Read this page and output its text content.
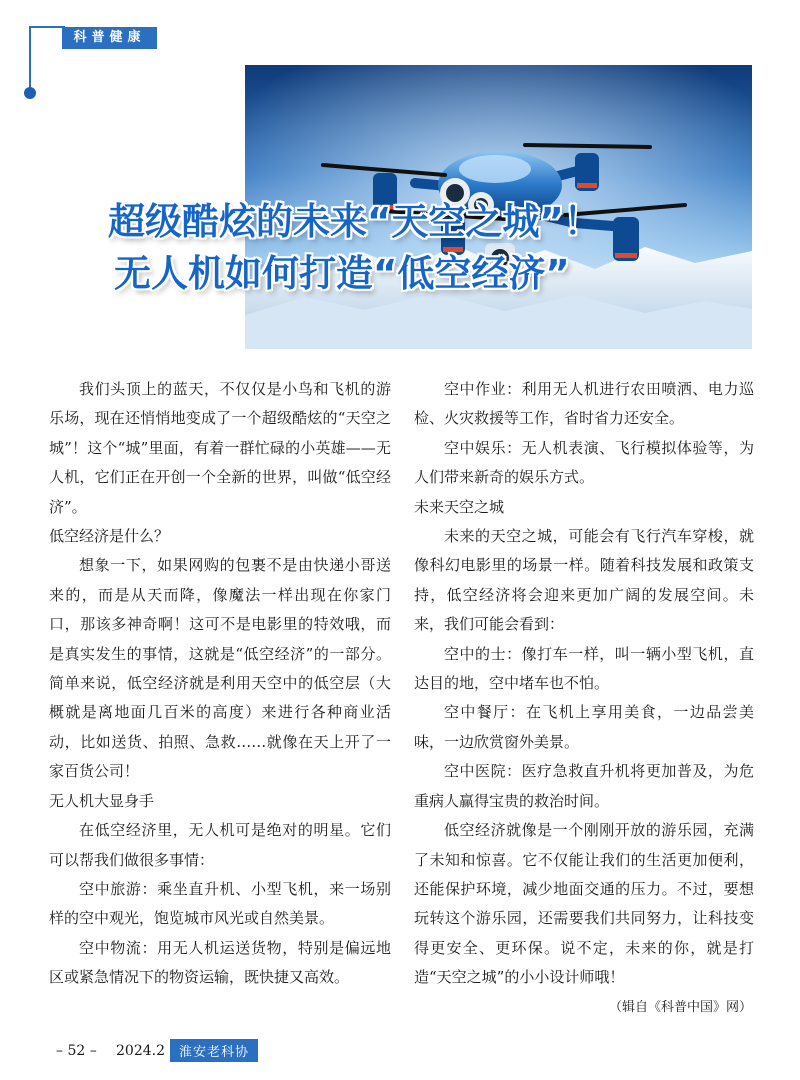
科普健康
超级酷炫的未来“天空之城”！
无人机如何打造“低空经济”

我们头顶上的蓝天，不仅仅是小鸟和飞机的游乐场，现在还悄悄地变成了一个超级酷炫的“天空之城”！这个“城”里面，有着一群忙碌的小英雄——无人机，它们正在开创一个全新的世界，叫做“低空经济”。

低空经济是什么？

想象一下，如果网购的包裹不是由快递小哥送来的，而是从天而降，像魔法一样出现在你家门口，那该多神奇啊！这可不是电影里的特效哦，而是真实发生的事情，这就是“低空经济”的一部分。简单来说，低空经济就是利用天空中的低空层（大概就是离地面几百米的高度）来进行各种商业活动，比如送货、拍照、急救……就像在天上开了一家百货公司！

无人机大显身手

在低空经济里，无人机可是绝对的明星。它们可以帮我们做很多事情：

空中旅游：乘坐直升机、小型飞机，来一场别样的空中观光，饱览城市风光或自然美景。

空中物流：用无人机运送货物，特别是偏远地区或紧急情况下的物资运输，既快捷又高效。

空中作业：利用无人机进行农田喷洒、电力巡检、火灾救援等工作，省时省力还安全。

空中娱乐：无人机表演、飞行模拟体验等，为人们带来新奇的娱乐方式。

未来天空之城

未来的天空之城，可能会有飞行汽车穿梭，就像科幻电影里的场景一样。随着科技发展和政策支持，低空经济将会迎来更加广阔的发展空间。未来，我们可能会看到：

空中的士：像打车一样，叫一辆小型飞机，直达目的地，空中堵车也不怕。

空中餐厅：在飞机上享用美食，一边品尝美味，一边欣赏窗外美景。

空中医院：医疗急救直升机将更加普及，为危重病人赢得宝贵的救治时间。

低空经济就像是一个刚刚开放的游乐园，充满了未知和惊喜。它不仅能让我们的生活更加便利，还能保护环境，减少地面交通的压力。不过，要想玩转这个游乐园，还需要我们共同努力，让科技变得更安全、更环保。说不定，未来的你，就是打造“天空之城”的小小设计师哦！
（辑自《科普中国》网）

– 52 –	2024.2	淮安老科协
